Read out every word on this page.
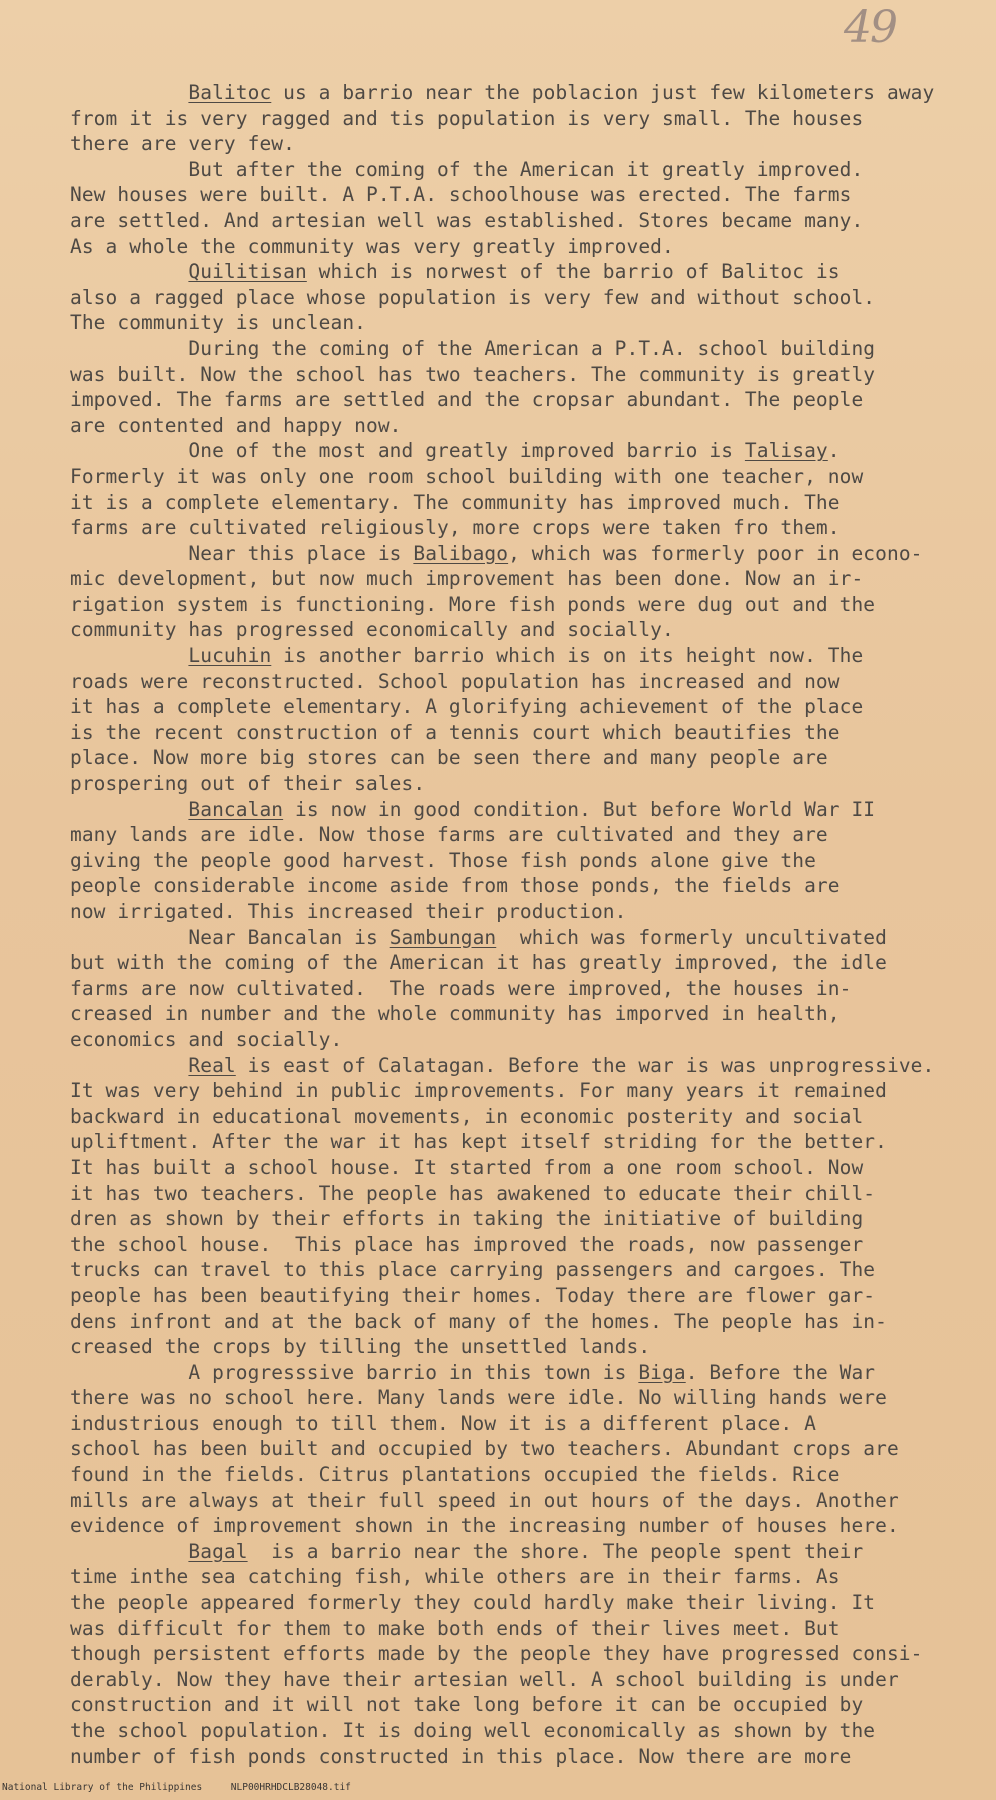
49
Balitoc us a barrio near the poblacion just few kilometers away
from it is very ragged and tis population is very small. The houses
there are very few.
But after the coming of the American it greatly improved.
New houses were built. A P.T.A. schoolhouse was erected. The farms
are settled. And artesian well was established. Stores became many.
As a whole the community was very greatly improved.
Quilitisan which is norwest of the barrio of Balitoc is
also a ragged place whose population is very few and without school.
The community is unclean.
During the coming of the American a P.T.A. school building
was built. Now the school has two teachers. The community is greatly
impoved. The farms are settled and the cropsar abundant. The people
are contented and happy now.
One of the most and greatly improved barrio is Talisay.
Formerly it was only one room school building with one teacher, now
it is a complete elementary. The community has improved much. The
farms are cultivated religiously, more crops were taken fro them.
Near this place is Balibago, which was formerly poor in econo-
mic development, but now much improvement has been done. Now an ir-
rigation system is functioning. More fish ponds were dug out and the
community has progressed economically and socially.
Lucuhin is another barrio which is on its height now. The
roads were reconstructed. School population has increased and now
it has a complete elementary. A glorifying achievement of the place
is the recent construction of a tennis court which beautifies the
place. Now more big stores can be seen there and many people are
prospering out of their sales.
Bancalan is now in good condition. But before World War II
many lands are idle. Now those farms are cultivated and they are
giving the people good harvest. Those fish ponds alone give the
people considerable income aside from those ponds, the fields are
now irrigated. This increased their production.
Near Bancalan is Sambungan  which was formerly uncultivated
but with the coming of the American it has greatly improved, the idle
farms are now cultivated.  The roads were improved, the houses in-
creased in number and the whole community has imporved in health,
economics and socially.
Real is east of Calatagan. Before the war is was unprogressive.
It was very behind in public improvements. For many years it remained
backward in educational movements, in economic posterity and social
upliftment. After the war it has kept itself striding for the better.
It has built a school house. It started from a one room school. Now
it has two teachers. The people has awakened to educate their chill-
dren as shown by their efforts in taking the initiative of building
the school house.  This place has improved the roads, now passenger
trucks can travel to this place carrying passengers and cargoes. The
people has been beautifying their homes. Today there are flower gar-
dens infront and at the back of many of the homes. The people has in-
creased the crops by tilling the unsettled lands.
A progresssive barrio in this town is Biga. Before the War
there was no school here. Many lands were idle. No willing hands were
industrious enough to till them. Now it is a different place. A
school has been built and occupied by two teachers. Abundant crops are
found in the fields. Citrus plantations occupied the fields. Rice
mills are always at their full speed in out hours of the days. Another
evidence of improvement shown in the increasing number of houses here.
Bagal  is a barrio near the shore. The people spent their
time inthe sea catching fish, while others are in their farms. As
the people appeared formerly they could hardly make their living. It
was difficult for them to make both ends of their lives meet. But
though persistent efforts made by the people they have progressed consi-
derably. Now they have their artesian well. A school building is under
construction and it will not take long before it can be occupied by
the school population. It is doing well economically as shown by the
number of fish ponds constructed in this place. Now there are more
National Library of the Philippines     NLP00HRHDCLB28048.tif
